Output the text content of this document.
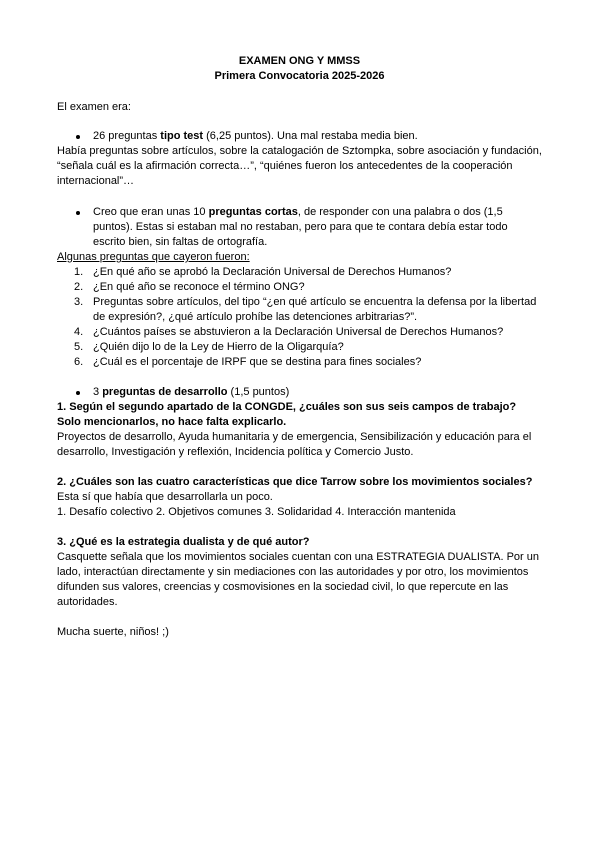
EXAMEN ONG Y MMSS

Primera Convocatoria 2025-2026

El examen era:

26 preguntas tipo test (6,25 puntos). Una mal restaba media bien.

Había preguntas sobre artículos, sobre la catalogación de Sztompka, sobre asociación y fundación, “señala cuál es la afirmación correcta…”, “quiénes fueron los antecedentes de la cooperación internacional”…

Creo que eran unas 10 preguntas cortas, de responder con una palabra o dos (1,5 puntos). Estas si estaban mal no restaban, pero para que te contara debía estar todo escrito bien, sin faltas de ortografía.

Algunas preguntas que cayeron fueron:

1. ¿En qué año se aprobó la Declaración Universal de Derechos Humanos?
2. ¿En qué año se reconoce el término ONG?
3. Preguntas sobre artículos, del tipo “¿en qué artículo se encuentra la defensa por la libertad de expresión?, ¿qué artículo prohíbe las detenciones arbitrarias?”.
4. ¿Cuántos países se abstuvieron a la Declaración Universal de Derechos Humanos?
5. ¿Quién dijo lo de la Ley de Hierro de la Oligarquía?
6. ¿Cuál es el porcentaje de IRPF que se destina para fines sociales?
3 preguntas de desarrollo (1,5 puntos)

1. Según el segundo apartado de la CONGDE, ¿cuáles son sus seis campos de trabajo? Solo mencionarlos, no hace falta explicarlo.

Proyectos de desarrollo, Ayuda humanitaria y de emergencia, Sensibilización y educación para el desarrollo, Investigación y reflexión, Incidencia política y Comercio Justo.

2. ¿Cuáles son las cuatro características que dice Tarrow sobre los movimientos sociales? Esta sí que había que desarrollarla un poco.

1. Desafío colectivo 2. Objetivos comunes 3. Solidaridad 4. Interacción mantenida

3. ¿Qué es la estrategia dualista y de qué autor?

Casquette señala que los movimientos sociales cuentan con una ESTRATEGIA DUALISTA. Por un lado, interactúan directamente y sin mediaciones con las autoridades y por otro, los movimientos difunden sus valores, creencias y cosmovisiones en la sociedad civil, lo que repercute en las autoridades.

Mucha suerte, niños! ;)
